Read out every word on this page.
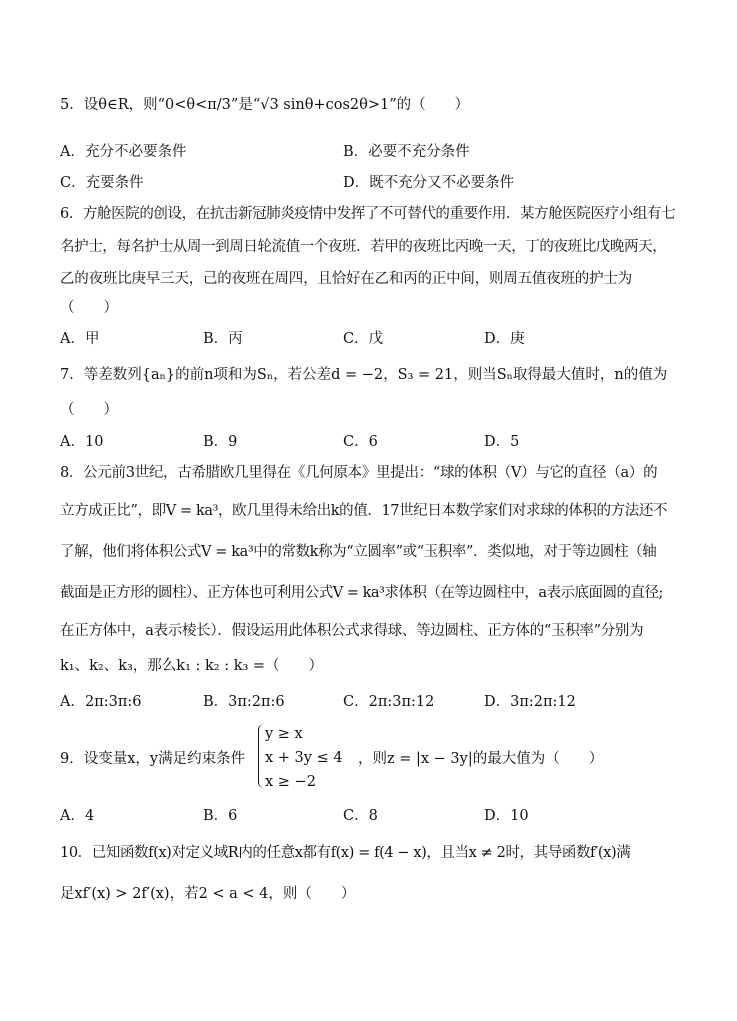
5．设θ∈R，则“0<θ<π/3”是“√3 sinθ+cos2θ>1”的（　　）
A．充分不必要条件	B．必要不充分条件
C．充要条件	D．既不充分又不必要条件
6．方舱医院的创设，在抗击新冠肺炎疫情中发挥了不可替代的重要作用．某方舱医院医疗小组有七
名护士，每名护士从周一到周日轮流值一个夜班．若甲的夜班比丙晚一天，丁的夜班比戊晚两天，
乙的夜班比庚早三天，己的夜班在周四，且恰好在乙和丙的正中间，则周五值夜班的护士为
（　　）
A．甲	B．丙	C．戊	D．庚
7．等差数列{aₙ}的前n项和为Sₙ，若公差d = −2，S₃ = 21，则当Sₙ取得最大值时，n的值为
（　　）
A．10	B．9	C．6	D．5
8．公元前3世纪，古希腊欧几里得在《几何原本》里提出：“球的体积（V）与它的直径（a）的
立方成正比”，即V = ka³，欧几里得未给出k的值．17世纪日本数学家们对求球的体积的方法还不
了解，他们将体积公式V = ka³中的常数k称为“立圆率”或“玉积率”．类似地，对于等边圆柱（轴
截面是正方形的圆柱）、正方体也可利用公式V = ka³求体积（在等边圆柱中，a表示底面圆的直径;
在正方体中，a表示棱长）．假设运用此体积公式求得球、等边圆柱、正方体的“玉积率”分别为
k₁、k₂、k₃，那么k₁ : k₂ : k₃ =（　　）
A．2π:3π:6	B．3π:2π:6	C．2π:3π:12	D．3π:2π:12
9．设变量x，y满足约束条件
y ≥ x
x + 3y ≤ 4
x ≥ −2
，则z = |x − 3y|的最大值为（　　）
A．4	B．6	C．8	D．10
10．已知函数f(x)对定义域R内的任意x都有f(x) = f(4 − x)，且当x ≠ 2时，其导函数f′(x)满
足xf′(x) > 2f′(x)，若2 < a < 4，则（　　）
